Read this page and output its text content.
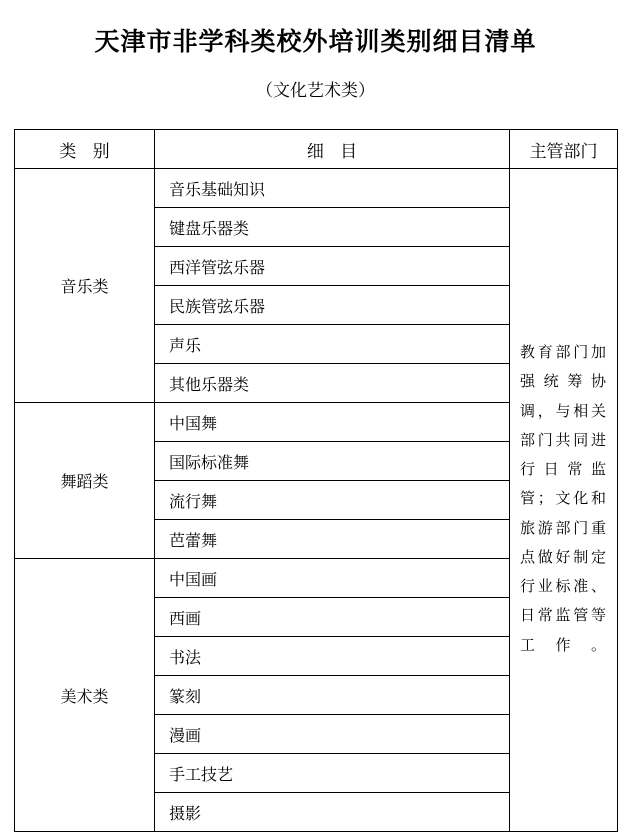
天津市非学科类校外培训类别细目清单
（文化艺术类）
类 别	细 目	主管部门
音乐类	音乐基础知识	教育部门加强统筹协调，与相关部门共同进行日常监管；文化和旅游部门重点做好制定行业标准、日常监管等工作。

	键盘乐器类	
	西洋管弦乐器	
	民族管弦乐器	
	声乐	
	其他乐器类	
舞蹈类	中国舞	
	国际标准舞	
	流行舞	
	芭蕾舞	
美术类	中国画	
	西画	
	书法	
	篆刻	
	漫画	
	手工技艺	
	摄影	
